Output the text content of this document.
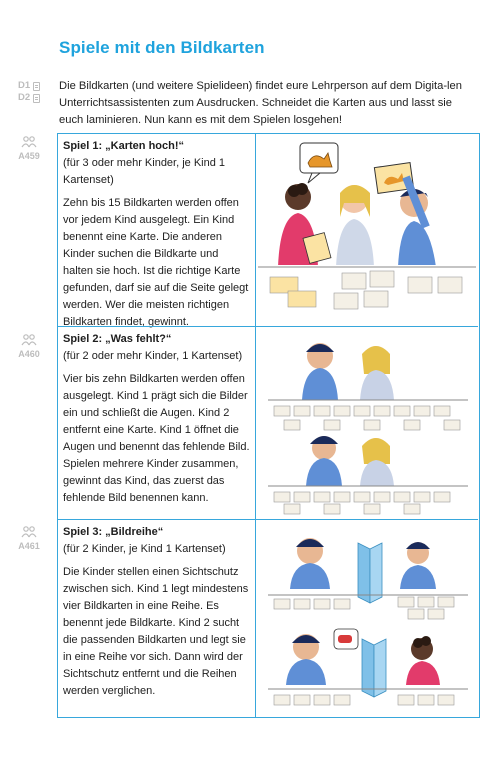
Spiele mit den Bildkarten
D1
D2

Die Bildkarten (und weitere Spielideen) findet eure Lehrperson auf dem Digita-len Unterrichtsassistenten zum Ausdrucken. Schneidet die Karten aus und lasst sie euch laminieren. Nun kann es mit dem Spielen losgehen!

A459
A460
A461
Spiel 1: „Karten hoch!“
(für 3 oder mehr Kinder, je Kind 1 Kartenset)
Zehn bis 15 Bildkarten werden offen vor jedem Kind ausgelegt. Ein Kind benennt eine Karte. Die anderen Kinder suchen die Bildkarte und halten sie hoch. Ist die richtige Karte gefunden, darf sie auf die Seite gelegt werden. Wer die meisten richtigen Bildkarten findet, gewinnt.
Spiel 2: „Was fehlt?“
(für 2 oder mehr Kinder, 1 Kartenset)
Vier bis zehn Bildkarten werden offen ausgelegt. Kind 1 prägt sich die Bilder ein und schließt die Augen. Kind 2 entfernt eine Karte. Kind 1 öffnet die Augen und benennt das fehlende Bild. Spielen mehrere Kinder zusammen, gewinnt das Kind, das zuerst das fehlende Bild benennen kann.
Spiel 3: „Bildreihe“
(für 2 Kinder, je Kind 1 Kartenset)
Die Kinder stellen einen Sichtschutz zwischen sich. Kind 1 legt mindestens vier Bildkarten in eine Reihe. Es benennt jede Bildkarte. Kind 2 sucht die passenden Bildkarten und legt sie in eine Reihe vor sich. Dann wird der Sichtschutz entfernt und die Reihen werden verglichen.
